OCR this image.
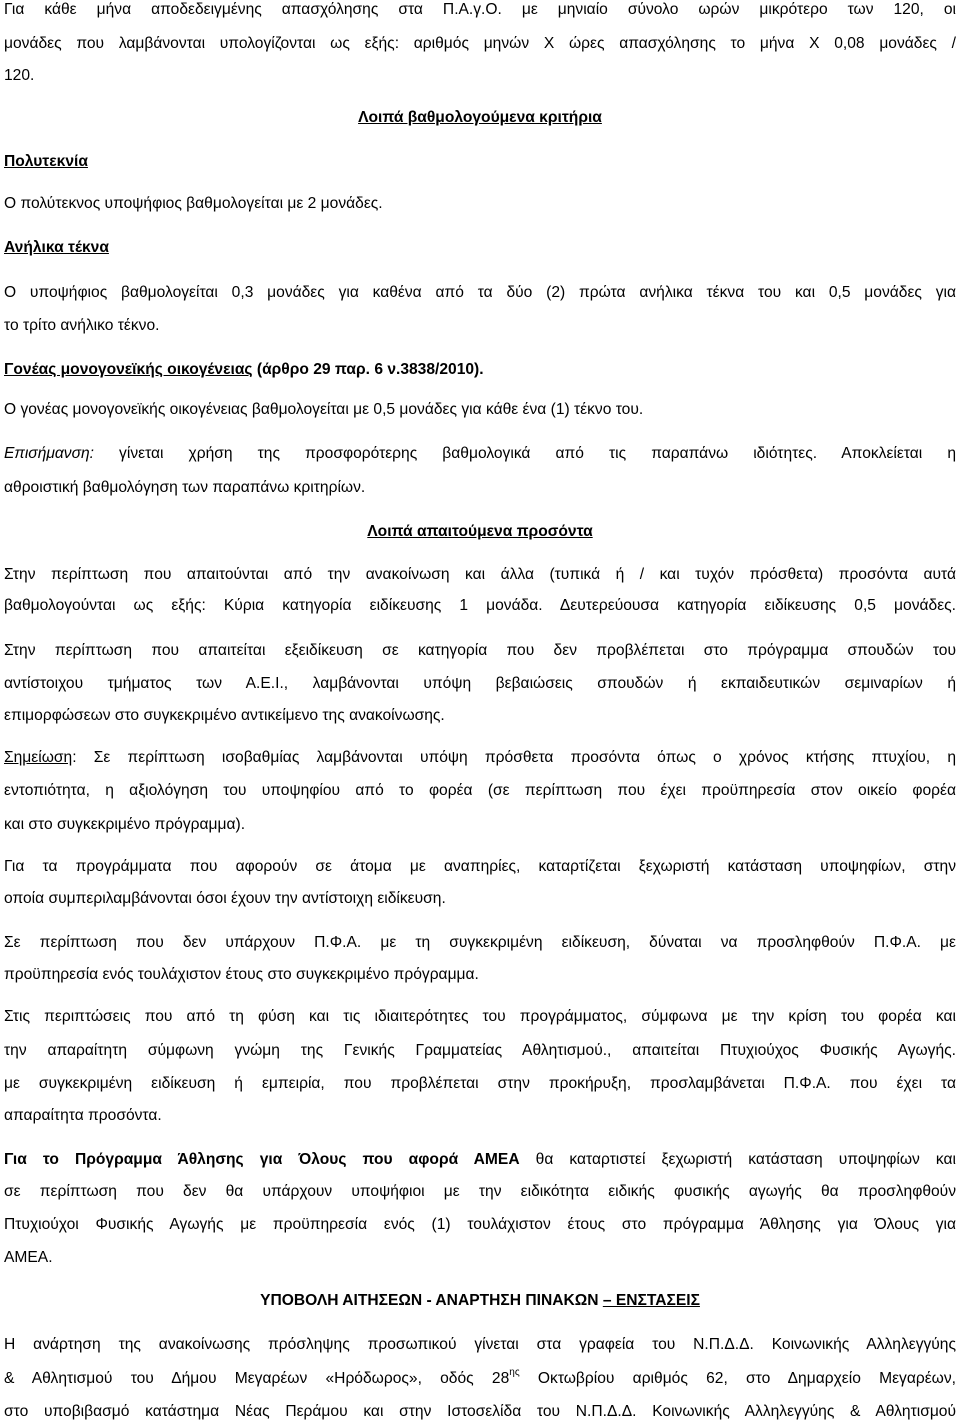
Για κάθε μήνα αποδεδειγμένης απασχόλησης στα Π.Α.γ.Ο. με μηνιαίο σύνολο ωρών μικρότερο των 120, οι

μονάδες που λαμβάνονται υπολογίζονται ως εξής: αριθμός μηνών Χ ώρες απασχόλησης το μήνα Χ 0,08 μονάδες /

120.

Λοιπά βαθμολογούμενα κριτήρια

Πολυτεκνία

Ο πολύτεκνος υποψήφιος βαθμολογείται με 2 μονάδες.

Ανήλικα τέκνα

Ο υποψήφιος βαθμολογείται 0,3 μονάδες για καθένα από τα δύο (2) πρώτα ανήλικα τέκνα του και 0,5 μονάδες για

το τρίτο ανήλικο τέκνο.

Γονέας μονογονεϊκής οικογένειας (άρθρο 29 παρ. 6 ν.3838/2010).

Ο γονέας μονογονεϊκής οικογένειας βαθμολογείται με 0,5 μονάδες για κάθε ένα (1) τέκνο του.

Επισήμανση: γίνεται χρήση της προσφορότερης βαθμολογικά από τις παραπάνω ιδιότητες. Αποκλείεται η

αθροιστική βαθμολόγηση των παραπάνω κριτηρίων.

Λοιπά απαιτούμενα προσόντα

Στην περίπτωση που απαιτούνται από την ανακοίνωση και άλλα (τυπικά ή / και τυχόν πρόσθετα) προσόντα αυτά

βαθμολογούνται ως εξής: Κύρια κατηγορία ειδίκευσης 1 μονάδα. Δευτερεύουσα κατηγορία ειδίκευσης 0,5 μονάδες.

Στην περίπτωση που απαιτείται εξειδίκευση σε κατηγορία που δεν προβλέπεται στο πρόγραμμα σπουδών του

αντίστοιχου τμήματος των Α.Ε.Ι., λαμβάνονται υπόψη βεβαιώσεις σπουδών ή εκπαιδευτικών σεμιναρίων ή

επιμορφώσεων στο συγκεκριμένο αντικείμενο της ανακοίνωσης.

Σημείωση: Σε περίπτωση ισοβαθμίας λαμβάνονται υπόψη πρόσθετα προσόντα όπως ο χρόνος κτήσης πτυχίου, η

εντοπιότητα, η αξιολόγηση του υποψηφίου από το φορέα (σε περίπτωση που έχει προϋπηρεσία στον οικείο φορέα

και στο συγκεκριμένο πρόγραμμα).

Για τα προγράμματα που αφορούν σε άτομα με αναπηρίες, καταρτίζεται ξεχωριστή κατάσταση υποψηφίων, στην

οποία συμπεριλαμβάνονται όσοι έχουν την αντίστοιχη ειδίκευση.

Σε περίπτωση που δεν υπάρχουν Π.Φ.Α. με τη συγκεκριμένη ειδίκευση, δύναται να προσληφθούν Π.Φ.Α. με

προϋπηρεσία ενός τουλάχιστον έτους στο συγκεκριμένο πρόγραμμα.

Στις περιπτώσεις που από τη φύση και τις ιδιαιτερότητες του προγράμματος, σύμφωνα με την κρίση του φορέα και

την απαραίτητη σύμφωνη γνώμη της Γενικής Γραμματείας Αθλητισμού., απαιτείται Πτυχιούχος Φυσικής Αγωγής.

με συγκεκριμένη ειδίκευση ή εμπειρία, που προβλέπεται στην προκήρυξη, προσλαμβάνεται Π.Φ.Α. που έχει τα

απαραίτητα προσόντα.

Για το Πρόγραμμα Άθλησης για Όλους που αφορά ΑΜΕΑ θα καταρτιστεί ξεχωριστή κατάσταση υποψηφίων και

σε περίπτωση που δεν θα υπάρχουν υποψήφιοι με την ειδικότητα ειδικής φυσικής αγωγής θα προσληφθούν

Πτυχιούχοι Φυσικής Αγωγής με προϋπηρεσία ενός (1) τουλάχιστον έτους στο πρόγραμμα Άθλησης για Όλους για

ΑΜΕΑ.

ΥΠΟΒΟΛΗ ΑΙΤΗΣΕΩΝ - ΑΝΑΡΤΗΣΗ ΠΙΝΑΚΩΝ – ΕΝΣΤΑΣΕΙΣ

Η ανάρτηση της ανακοίνωσης πρόσληψης προσωπικού γίνεται στα γραφεία του Ν.Π.Δ.Δ. Κοινωνικής Αλληλεγγύης

& Αθλητισμού του Δήμου Μεγαρέων «Ηρόδωρος», οδός $28^{\eta\varsigma}$ Οκτωβρίου αριθμός 62, στο Δημαρχείο Μεγαρέων,

στο υποβιβασμό κατάστημα Νέας Περάμου και στην Ιστοσελίδα του Ν.Π.Δ.Δ. Κοινωνικής Αλληλεγγύης & Αθλητισμού
